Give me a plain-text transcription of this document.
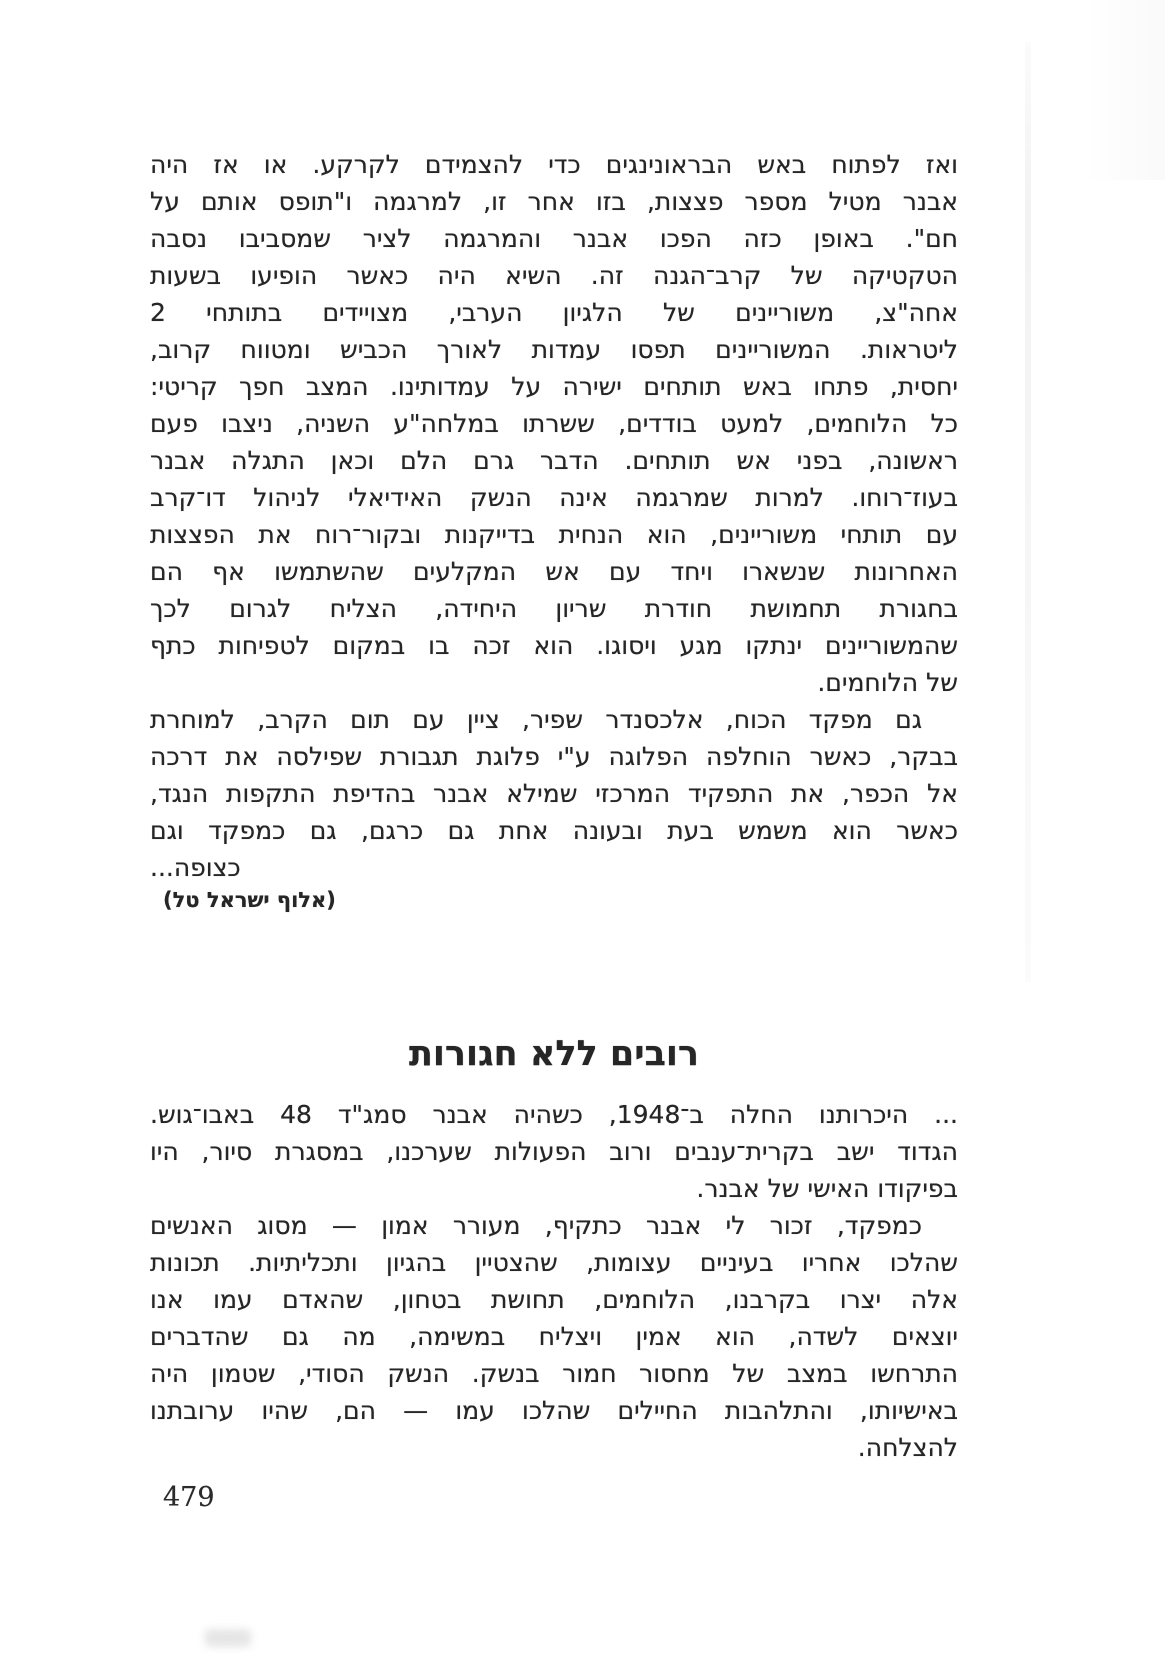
ואז לפתוח באש הבראונינגים כדי להצמידם לקרקע. או אז היה
אבנר מטיל מספר פצצות, בזו אחר זו, למרגמה ו"תופס אותם על
חם". באופן כזה הפכו אבנר והמרגמה לציר שמסביבו נסבה
הטקטיקה של קרב־הגנה זה. השיא היה כאשר הופיעו בשעות
אחה"צ, משוריינים של הלגיון הערבי, מצויידים בתותחי 2
ליטראות. המשוריינים תפסו עמדות לאורך הכביש ומטווח קרוב,
יחסית, פתחו באש תותחים ישירה על עמדותינו. המצב חפך קריטי:
כל הלוחמים, למעט בודדים, ששרתו במלחה"ע השניה, ניצבו פעם
ראשונה, בפני אש תותחים. הדבר גרם הלם וכאן התגלה אבנר
בעוז־רוחו. למרות שמרגמה אינה הנשק האידיאלי לניהול דו־קרב
עם תותחי משוריינים, הוא הנחית בדייקנות ובקור־רוח את הפצצות
האחרונות שנשארו ויחד עם אש המקלעים שהשתמשו אף הם
בחגורת תחמושת חודרת שריון היחידה, הצליח לגרום לכך
שהמשוריינים ינתקו מגע ויסוגו. הוא זכה בו במקום לטפיחות כתף
של הלוחמים.
גם מפקד הכוח, אלכסנדר שפיר, ציין עם תום הקרב, למוחרת
בבקר, כאשר הוחלפה הפלוגה ע"י פלוגת תגבורת שפילסה את דרכה
אל הכפר, את התפקיד המרכזי שמילא אבנר בהדיפת התקפות הנגד,
כאשר הוא משמש בעת ובעונה אחת גם כרגם, גם כמפקד וגם
כצופה...
(אלוף ישראל טל)
רובים ללא חגורות
... היכרותנו החלה ב־1948, כשהיה אבנר סמג"ד 48 באבו־גוש.
הגדוד ישב בקרית־ענבים ורוב הפעולות שערכנו, במסגרת סיור, היו
בפיקודו האישי של אבנר.
כמפקד, זכור לי אבנר כתקיף, מעורר אמון — מסוג האנשים
שהלכו אחריו בעיניים עצומות, שהצטיין בהגיון ותכליתיות. תכונות
אלה יצרו בקרבנו, הלוחמים, תחושת בטחון, שהאדם עמו אנו
יוצאים לשדה, הוא אמין ויצליח במשימה, מה גם שהדברים
התרחשו במצב של מחסור חמור בנשק. הנשק הסודי, שטמון היה
באישיותו, והתלהבות החיילים שהלכו עמו — הם, שהיו ערובתנו
להצלחה.
479
